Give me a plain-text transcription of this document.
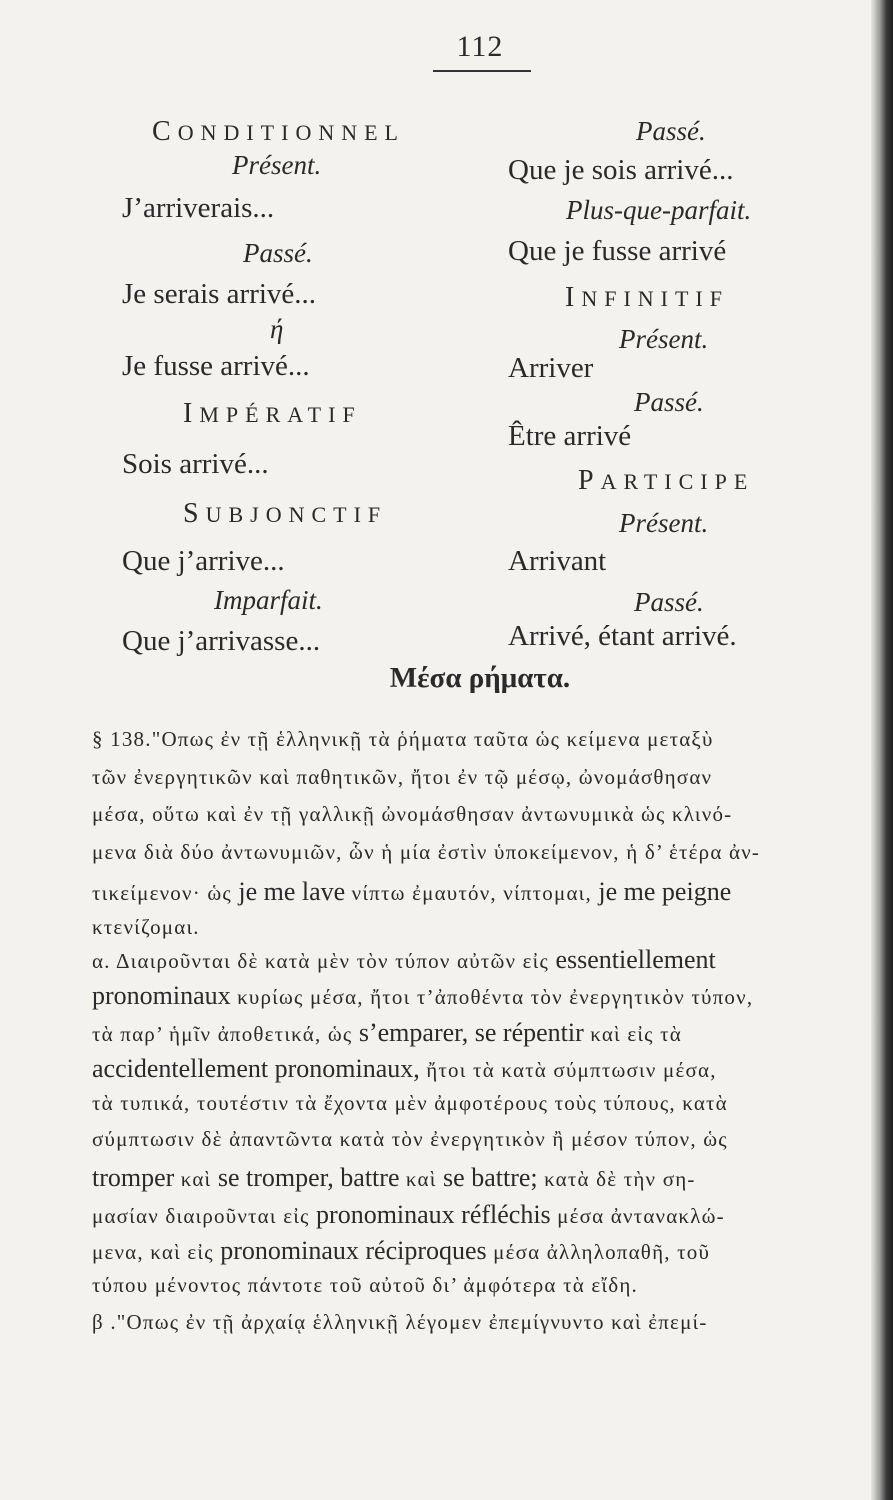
112
CONDITIONNEL
Présent.
J’arriverais...
Passé.
Je serais arrivé...
ή
Je fusse arrivé...
IMPÉRATIF
Sois arrivé...
SUBJONCTIF
Que j’arrive...
Imparfait.
Que j’arrivasse...
Passé.
Que je sois arrivé...
Plus-que-parfait.
Que je fusse arrivé
INFINITIF
Présent.
Arriver
Passé.
Être arrivé
PARTICIPE
Présent.
Arrivant
Passé.
Arrivé, étant arrivé.
Μέσα ρήματα.
§ 138."Οπως ἐν τῇ ἑλληνικῇ τὰ ῥήματα ταῦτα ὡς κείμενα μεταξὺ
τῶν ἐνεργητικῶν καὶ παθητικῶν, ἤτοι ἐν τῷ μέσῳ, ὠνομάσθησαν
μέσα, οὕτω καὶ ἐν τῇ γαλλικῇ ὠνομάσθησαν ἀντωνυμικὰ ὡς κλινό-
μενα διὰ δύο ἀντωνυμιῶν, ὧν ἡ μία ἐστὶν ὑποκείμενον, ἡ δ’ ἑτέρα ἀν-
τικείμενον· ὡς je me lave νίπτω ἐμαυτόν, νίπτομαι, je me peigne
κτενίζομαι.
α. Διαιροῦνται δὲ κατὰ μὲν τὸν τύπον αὐτῶν εἰς essentiellement
pronominaux κυρίως μέσα, ἤτοι τ’ἀποθέντα τὸν ἐνεργητικὸν τύπον,
τὰ παρ’ ἡμῖν ἀποθετικά, ὡς s’emparer, se répentir καὶ εἰς τὰ
accidentellement pronominaux, ἤτοι τὰ κατὰ σύμπτωσιν μέσα,
τὰ τυπικά, τουτέστιν τὰ ἔχοντα μὲν ἀμφοτέρους τοὺς τύπους, κατὰ
σύμπτωσιν δὲ ἀπαντῶντα κατὰ τὸν ἐνεργητικὸν ἢ μέσον τύπον, ὡς
tromper καὶ se tromper, battre καὶ se battre; κατὰ δὲ τὴν ση-
μασίαν διαιροῦνται εἰς pronominaux réfléchis μέσα ἀντανακλώ-
μενα, καὶ εἰς pronominaux réciproques μέσα ἀλληλοπαθῆ, τοῦ
τύπου μένοντος πάντοτε τοῦ αὐτοῦ δι’ ἀμφότερα τὰ εἴδη.
β ."Οπως ἐν τῇ ἀρχαίᾳ ἑλληνικῇ λέγομεν ἐπεμίγνυντο καὶ ἐπεμί-
